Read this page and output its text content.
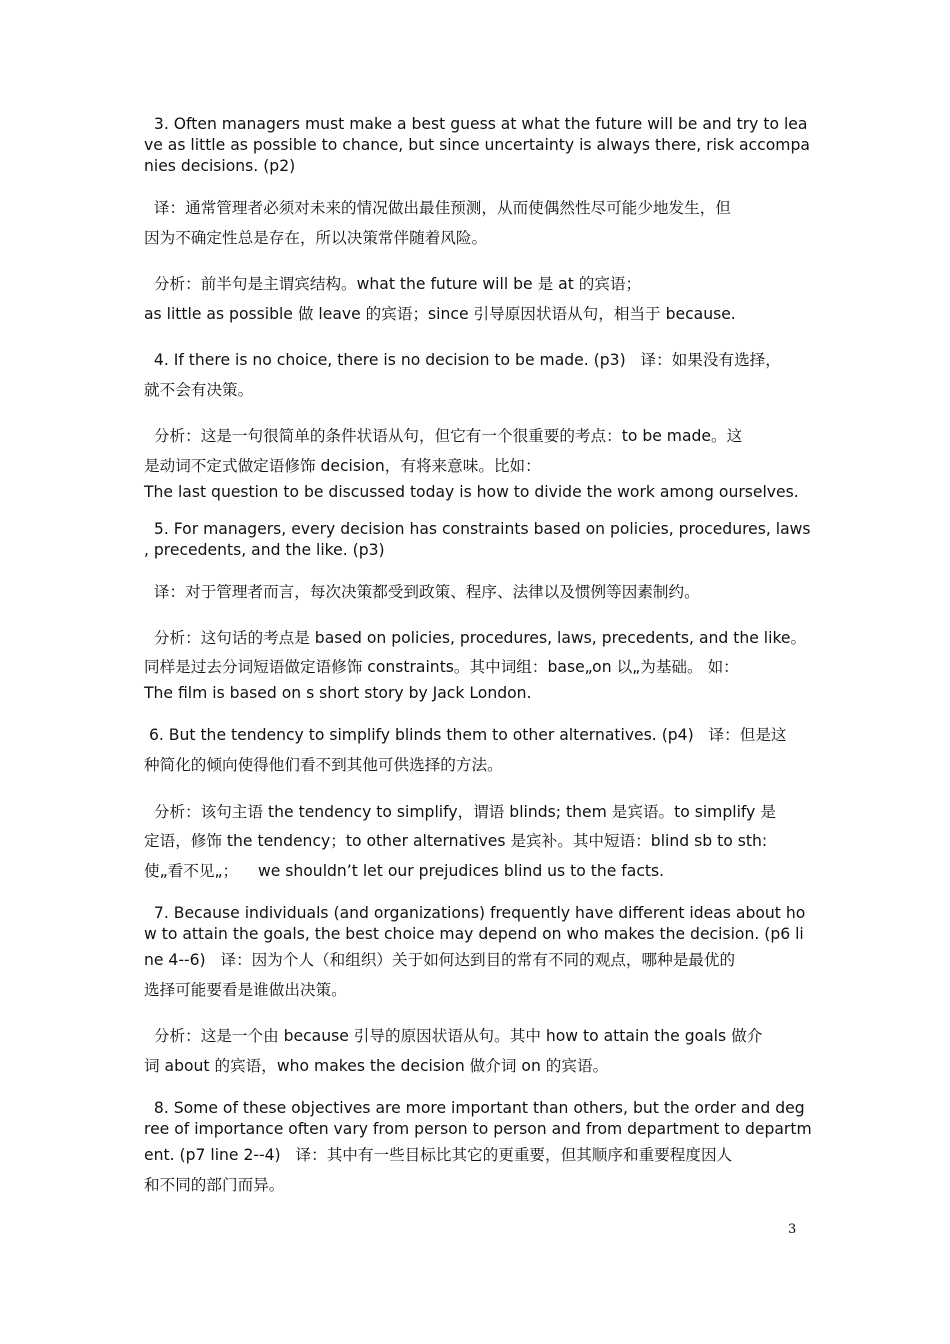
3. Often managers must make a best guess at what the future will be and try to lea
ve as little as possible to chance, but since uncertainty is always there, risk accompa
nies decisions. (p2)
译：通常管理者必须对未来的情况做出最佳预测，从而使偶然性尽可能少地发生，但
因为不确定性总是存在，所以决策常伴随着风险。
分析：前半句是主谓宾结构。what the future will be 是 at 的宾语；
as little as possible 做 leave 的宾语；since 引导原因状语从句，相当于 because.
4. If there is no choice, there is no decision to be made. (p3)   译：如果没有选择，
就不会有决策。
分析：这是一句很简单的条件状语从句，但它有一个很重要的考点：to be made。这
是动词不定式做定语修饰 decision，有将来意味。比如：
The last question to be discussed today is how to divide the work among ourselves.
5. For managers, every decision has constraints based on policies, procedures, laws
, precedents, and the like. (p3)
译：对于管理者而言，每次决策都受到政策、程序、法律以及惯例等因素制约。
分析：这句话的考点是 based on policies, procedures, laws, precedents, and the like。
同样是过去分词短语做定语修饰 constraints。其中词组：base„on 以„为基础。 如：
The film is based on s short story by Jack London.
6. But the tendency to simplify blinds them to other alternatives. (p4)   译：但是这
种简化的倾向使得他们看不到其他可供选择的方法。
分析：该句主语 the tendency to simplify，谓语 blinds; them 是宾语。to simplify 是
定语，修饰 the tendency；to other alternatives 是宾补。其中短语：blind sb to sth:
使„看不见„；    we shouldn’t let our prejudices blind us to the facts.
7. Because individuals (and organizations) frequently have different ideas about ho
w to attain the goals, the best choice may depend on who makes the decision. (p6 li
ne 4--6)   译：因为个人（和组织）关于如何达到目的常有不同的观点，哪种是最优的
选择可能要看是谁做出决策。
分析：这是一个由 because 引导的原因状语从句。其中 how to attain the goals 做介
词 about 的宾语，who makes the decision 做介词 on 的宾语。
8. Some of these objectives are more important than others, but the order and deg
ree of importance often vary from person to person and from department to departm
ent. (p7 line 2--4)   译：其中有一些目标比其它的更重要，但其顺序和重要程度因人
和不同的部门而异。
3
